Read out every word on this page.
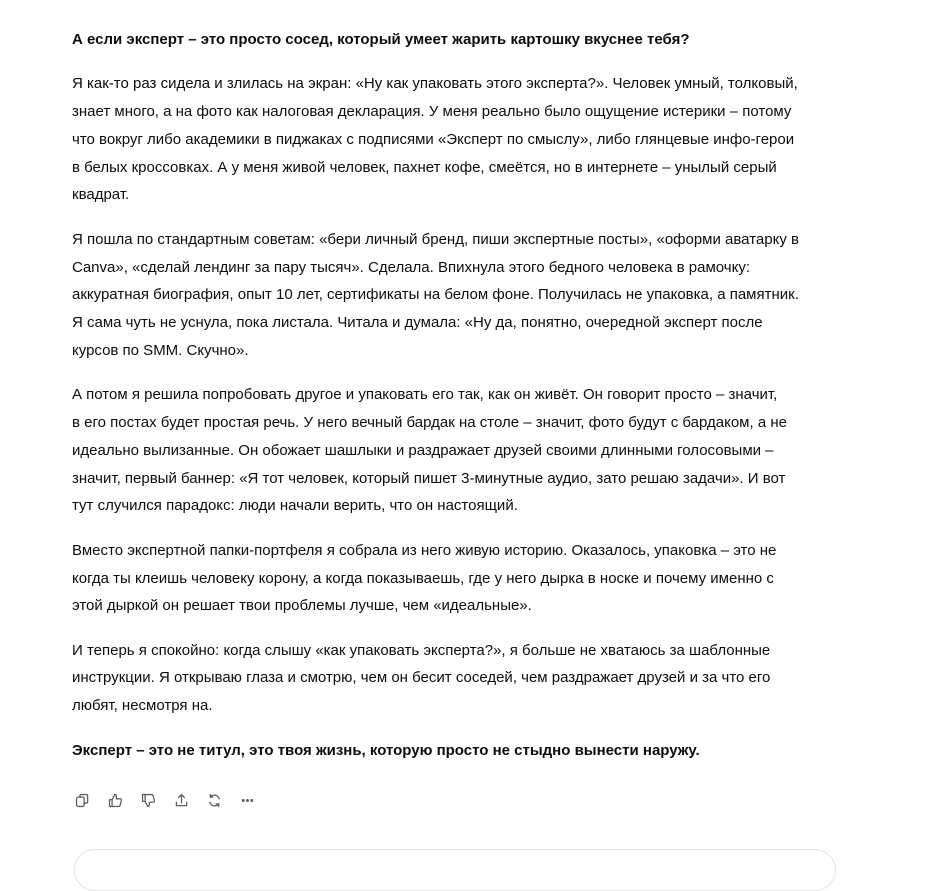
А если эксперт – это просто сосед, который умеет жарить картошку вкуснее тебя?

Я как-то раз сидела и злилась на экран: «Ну как упаковать этого эксперта?». Человек умный, толковый,
знает много, а на фото как налоговая декларация. У меня реально было ощущение истерики – потому
что вокруг либо академики в пиджаках с подписями «Эксперт по смыслу», либо глянцевые инфо-герои
в белых кроссовках. А у меня живой человек, пахнет кофе, смеётся, но в интернете – унылый серый
квадрат.

Я пошла по стандартным советам: «бери личный бренд, пиши экспертные посты», «оформи аватарку в
Canva», «сделай лендинг за пару тысяч». Сделала. Впихнула этого бедного человека в рамочку:
аккуратная биография, опыт 10 лет, сертификаты на белом фоне. Получилась не упаковка, а памятник.
Я сама чуть не уснула, пока листала. Читала и думала: «Ну да, понятно, очередной эксперт после
курсов по SMM. Скучно».

А потом я решила попробовать другое и упаковать его так, как он живёт. Он говорит просто – значит,
в его постах будет простая речь. У него вечный бардак на столе – значит, фото будут с бардаком, а не
идеально вылизанные. Он обожает шашлыки и раздражает друзей своими длинными голосовыми –
значит, первый баннер: «Я тот человек, который пишет 3-минутные аудио, зато решаю задачи». И вот
тут случился парадокс: люди начали верить, что он настоящий.

Вместо экспертной папки-портфеля я собрала из него живую историю. Оказалось, упаковка – это не
когда ты клеишь человеку корону, а когда показываешь, где у него дырка в носке и почему именно с
этой дыркой он решает твои проблемы лучше, чем «идеальные».

И теперь я спокойно: когда слышу «как упаковать эксперта?», я больше не хватаюсь за шаблонные
инструкции. Я открываю глаза и смотрю, чем он бесит соседей, чем раздражает друзей и за что его
любят, несмотря на.

Эксперт – это не титул, это твоя жизнь, которую просто не стыдно вынести наружу.
